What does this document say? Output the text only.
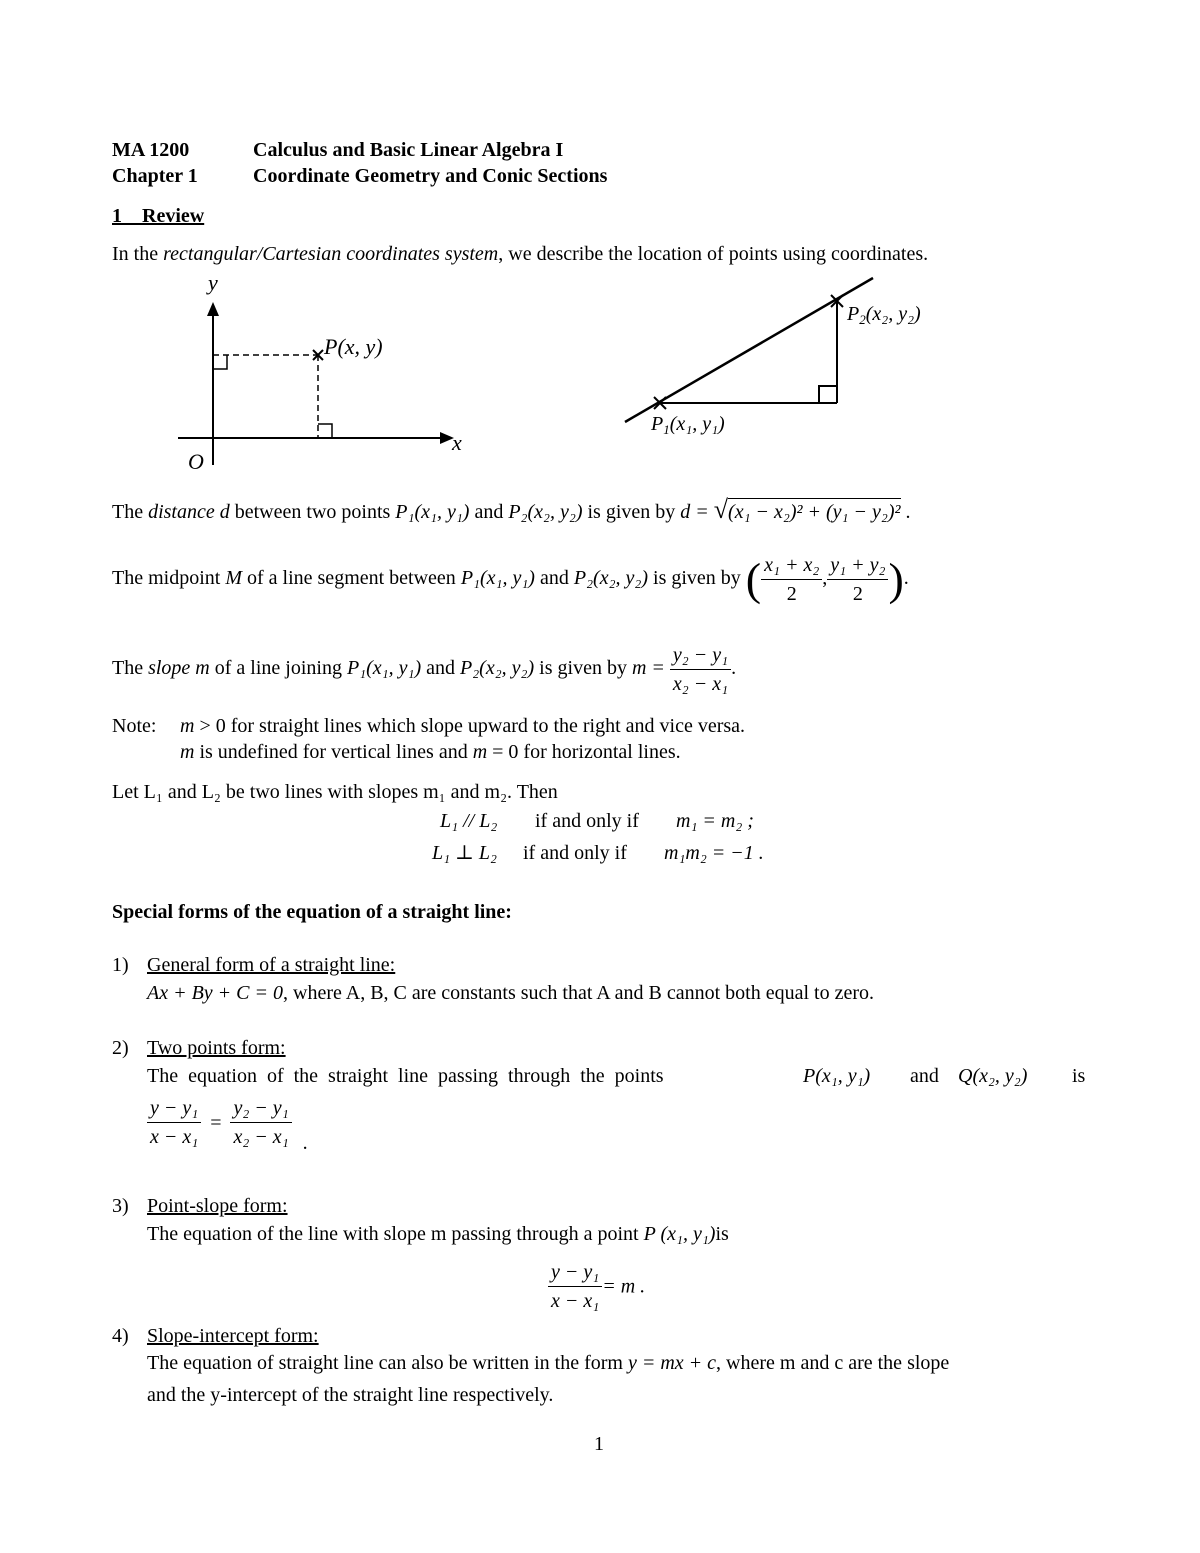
MA 1200	Calculus and Basic Linear Algebra I
Chapter 1	Coordinate Geometry and Conic Sections
1 Review
In the rectangular/Cartesian coordinates system, we describe the location of points using coordinates.
y
x
O
P(x, y)
$P_1(x_1$, y₁)
$P_2(x_2$, y₂)
The distance d between two points P₁(x₁, y₁) and P₂(x₂, y₂) is given by d = √(x₁ − x₂)² + (y₁ − y₂)² .
The midpoint M of a line segment between P₁(x₁, y₁) and P₂(x₂, y₂) is given by ( $\frac{\text{x₁ + x₂}}{2}$ , $\frac{\text{y₁ + y₂}}{2}$ ).
The slope m of a line joining P₁(x₁, y₁) and P₂(x₂, y₂) is given by $m = \frac{\text{y₂ − y₁}}{\text{x₂ − x₁}}$ .
Note: m > 0 for straight lines which slope upward to the right and vice versa.
m is undefined for vertical lines and m = 0 for horizontal lines.
Let L₁ and L₂ be two lines with slopes m₁ and m₂. Then
L₁ // L₂ if and only if m₁ = m₂ ;
L₁ ⊥ L₂ if and only if m₁m₂ = −1 .
Special forms of the equation of a straight line:
1) General form of a straight line:
Ax + By + C = 0, where A, B, C are constants such that A and B cannot both equal to zero.
2) Two points form:
The  equation  of  the  straight  line  passing  through  the  points	P(x₁, y₁) and Q(x₂, y₂) is
$\frac{\text{y − y₁}}{\text{x − x₁}} = \frac{\text{y₂ − y₁}}{\text{x₂ − x₁}}$ .
3) Point-slope form:
The equation of the line with slope m passing through a point P (x₁, y₁)is
$\frac{\text{y − y₁}}{\text{x − x₁}} = m$ .
4) Slope-intercept form:
The equation of straight line can also be written in the form y = mx + c, where m and c are the slope
and the y-intercept of the straight line respectively.
1
